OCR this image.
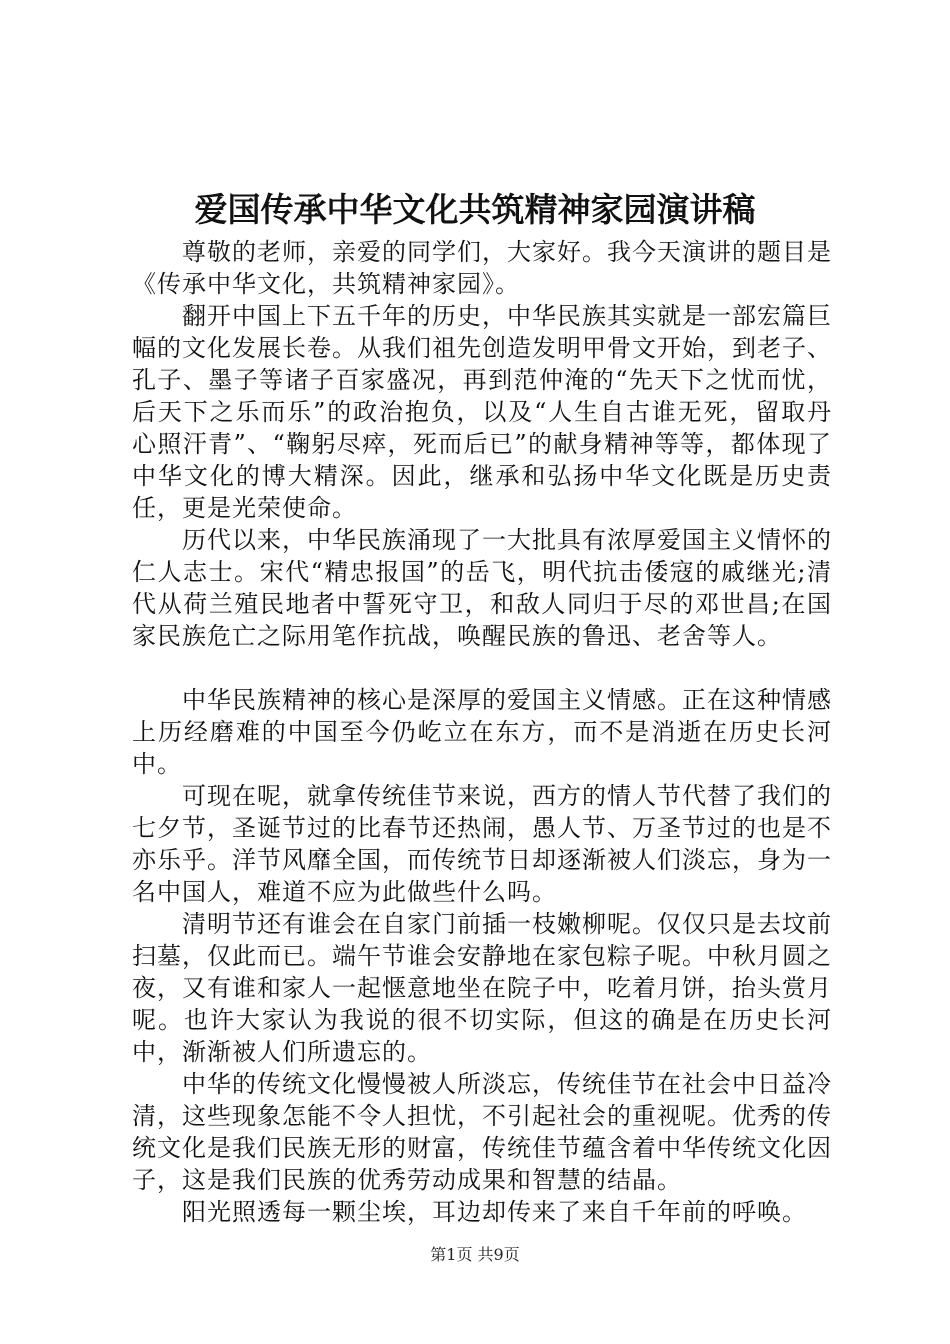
爱国传承中华文化共筑精神家园演讲稿

尊敬的老师，亲爱的同学们，大家好。我今天演讲的题目是《传承中华文化，共筑精神家园》。

翻开中国上下五千年的历史，中华民族其实就是一部宏篇巨幅的文化发展长卷。从我们祖先创造发明甲骨文开始，到老子、孔子、墨子等诸子百家盛况，再到范仲淹的“先天下之忧而忧，后天下之乐而乐”的政治抱负，以及“人生自古谁无死，留取丹心照汗青”、“鞠躬尽瘁，死而后已”的献身精神等等，都体现了中华文化的博大精深。因此，继承和弘扬中华文化既是历史责任，更是光荣使命。

历代以来，中华民族涌现了一大批具有浓厚爱国主义情怀的仁人志士。宋代“精忠报国”的岳飞，明代抗击倭寇的戚继光;清代从荷兰殖民地者中誓死守卫，和敌人同归于尽的邓世昌;在国家民族危亡之际用笔作抗战，唤醒民族的鲁迅、老舍等人。

中华民族精神的核心是深厚的爱国主义情感。正在这种情感上历经磨难的中国至今仍屹立在东方，而不是消逝在历史长河中。

可现在呢，就拿传统佳节来说，西方的情人节代替了我们的七夕节，圣诞节过的比春节还热闹，愚人节、万圣节过的也是不亦乐乎。洋节风靡全国，而传统节日却逐渐被人们淡忘，身为一名中国人，难道不应为此做些什么吗。

清明节还有谁会在自家门前插一枝嫩柳呢。仅仅只是去坟前扫墓，仅此而已。端午节谁会安静地在家包粽子呢。中秋月圆之夜，又有谁和家人一起惬意地坐在院子中，吃着月饼，抬头赏月呢。也许大家认为我说的很不切实际，但这的确是在历史长河中，渐渐被人们所遗忘的。

中华的传统文化慢慢被人所淡忘，传统佳节在社会中日益冷清，这些现象怎能不令人担忧，不引起社会的重视呢。优秀的传统文化是我们民族无形的财富，传统佳节蕴含着中华传统文化因子，这是我们民族的优秀劳动成果和智慧的结晶。

阳光照透每一颗尘埃，耳边却传来了来自千年前的呼唤。

第1页 共9页
